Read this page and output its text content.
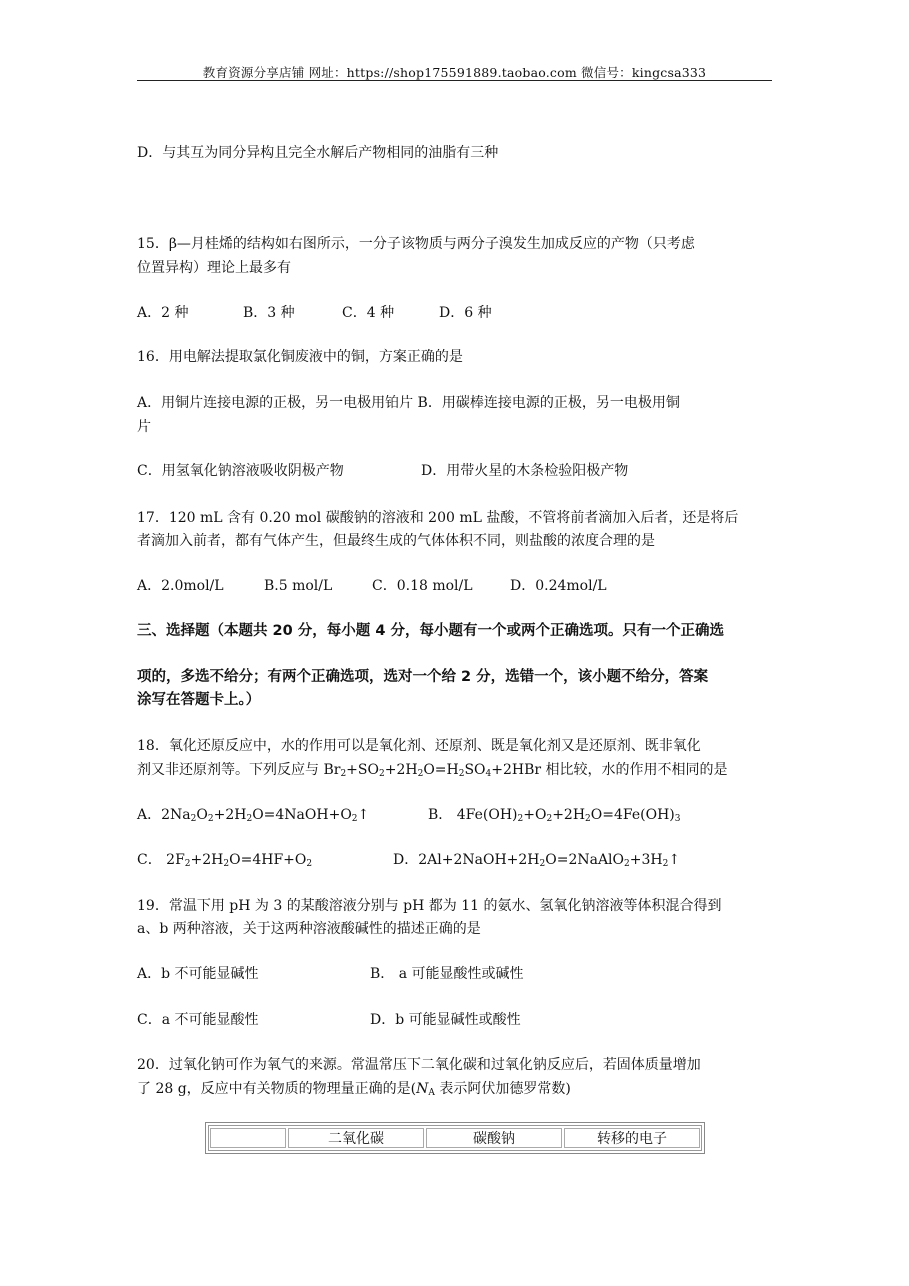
教育资源分享店铺 网址：https://shop175591889.taobao.com 微信号：kingcsa333
D．与其互为同分异构且完全水解后产物相同的油脂有三种
15．β—月桂烯的结构如右图所示，一分子该物质与两分子溴发生加成反应的产物（只考虑
位置异构）理论上最多有
A．2 种	B．3 种	C．4 种	D．6 种
16．用电解法提取氯化铜废液中的铜，方案正确的是
A．用铜片连接电源的正极，另一电极用铂片 B．用碳棒连接电源的正极，另一电极用铜
片
C．用氢氧化钠溶液吸收阴极产物	D．用带火星的木条检验阳极产物
17．120 mL 含有 0.20 mol 碳酸钠的溶液和 200 mL 盐酸，不管将前者滴加入后者，还是将后
者滴加入前者，都有气体产生，但最终生成的气体体积不同，则盐酸的浓度合理的是
A．2.0mol/L	B.5 mol/L	C．0.18 mol/L	D．0.24mol/L
三、选择题（本题共 20 分，每小题 4 分，每小题有一个或两个正确选项。只有一个正确选
项的，多选不给分；有两个正确选项，选对一个给 2 分，选错一个，该小题不给分，答案
涂写在答题卡上。）
18．氧化还原反应中，水的作用可以是氧化剂、还原剂、既是氧化剂又是还原剂、既非氧化
剂又非还原剂等。下列反应与 $Br_2+SO_2+2H_2O=H_2SO_4+2HBr$ 相比较，水的作用不相同的是
A．$2Na_2O_2+2H_2O=4NaOH+O_2↑$	B． $4Fe(OH)_2+O_2+2H_2O=4Fe(OH)_3$
C． $2F_2+2H_2O=4HF+O_2$	D．$2Al+2NaOH+2H_2O=2NaAlO_2+3H_2↑$
19．常温下用 pH 为 3 的某酸溶液分别与 pH 都为 11 的氨水、氢氧化钠溶液等体积混合得到
a、b 两种溶液，关于这两种溶液酸碱性的描述正确的是
A．b 不可能显碱性	B． a 可能显酸性或碱性
C．a 不可能显酸性	D．b 可能显碱性或酸性
20．过氧化钠可作为氧气的来源。常温常压下二氧化碳和过氧化钠反应后，若固体质量增加
了 28 g，反应中有关物质的物理量正确的是($N_A$ 表示阿伏加德罗常数)
二氧化碳	碳酸钠	转移的电子
